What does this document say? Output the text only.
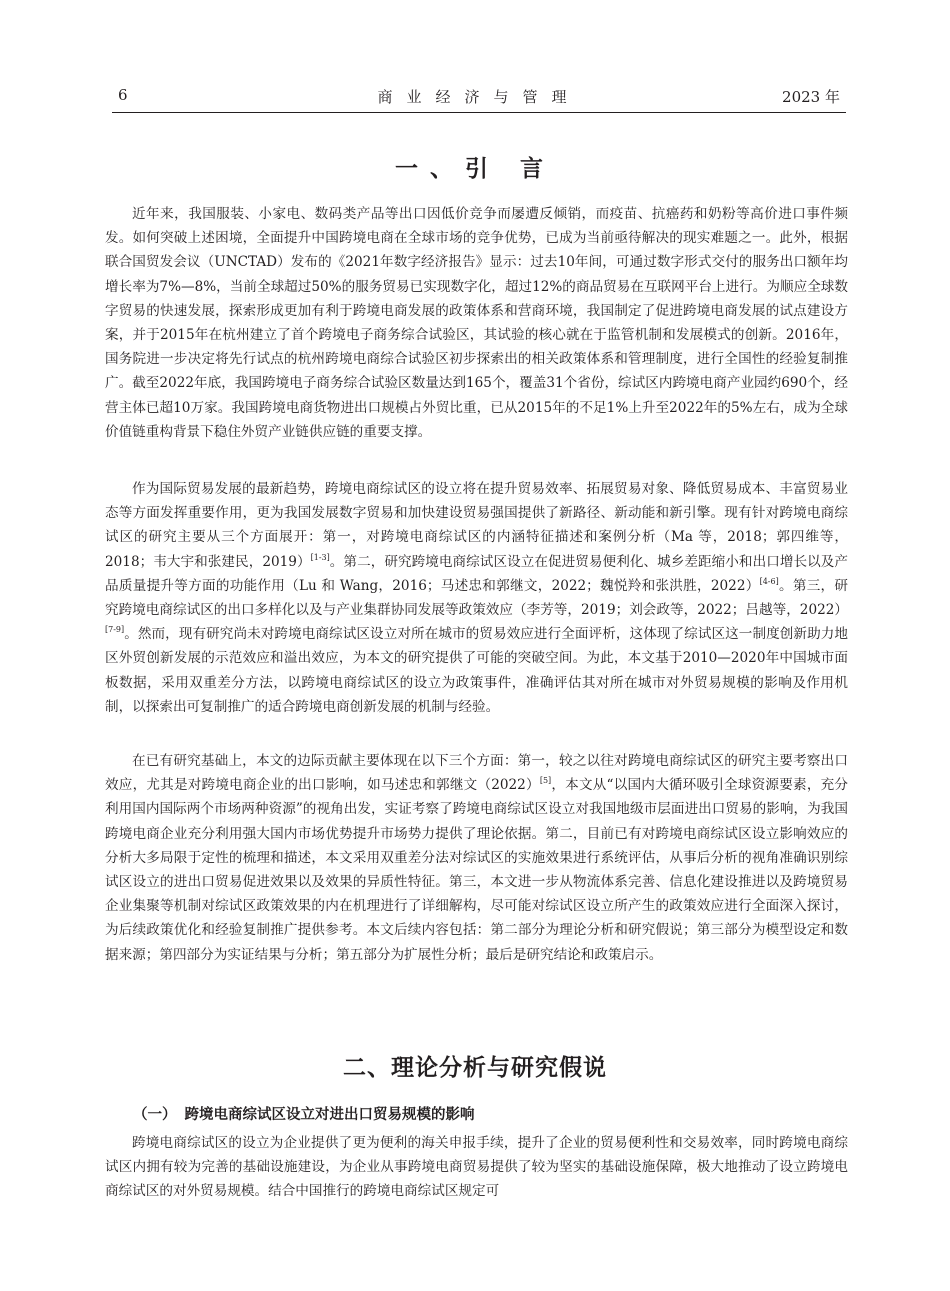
6	商业经济与管理	2023 年
一、引 言

近年来，我国服装、小家电、数码类产品等出口因低价竞争而屡遭反倾销，而疫苗、抗癌药和奶粉等高价进口事件频发。如何突破上述困境，全面提升中国跨境电商在全球市场的竞争优势，已成为当前亟待解决的现实难题之一。此外，根据联合国贸发会议（UNCTAD）发布的《2021年数字经济报告》显示：过去10年间，可通过数字形式交付的服务出口额年均增长率为7%—8%，当前全球超过50%的服务贸易已实现数字化，超过12%的商品贸易在互联网平台上进行。为顺应全球数字贸易的快速发展，探索形成更加有利于跨境电商发展的政策体系和营商环境，我国制定了促进跨境电商发展的试点建设方案，并于2015年在杭州建立了首个跨境电子商务综合试验区，其试验的核心就在于监管机制和发展模式的创新。2016年，国务院进一步决定将先行试点的杭州跨境电商综合试验区初步探索出的相关政策体系和管理制度，进行全国性的经验复制推广。截至2022年底，我国跨境电子商务综合试验区数量达到165个，覆盖31个省份，综试区内跨境电商产业园约690个，经营主体已超10万家。我国跨境电商货物进出口规模占外贸比重，已从2015年的不足1%上升至2022年的5%左右，成为全球价值链重构背景下稳住外贸产业链供应链的重要支撑。

作为国际贸易发展的最新趋势，跨境电商综试区的设立将在提升贸易效率、拓展贸易对象、降低贸易成本、丰富贸易业态等方面发挥重要作用，更为我国发展数字贸易和加快建设贸易强国提供了新路径、新动能和新引擎。现有针对跨境电商综试区的研究主要从三个方面展开：第一，对跨境电商综试区的内涵特征描述和案例分析（Ma 等，2018；郭四维等，2018；韦大宇和张建民，2019）[1-3]。第二，研究跨境电商综试区设立在促进贸易便利化、城乡差距缩小和出口增长以及产品质量提升等方面的功能作用（Lu 和 Wang，2016；马述忠和郭继文，2022；魏悦羚和张洪胜，2022）[4-6]。第三，研究跨境电商综试区的出口多样化以及与产业集群协同发展等政策效应（李芳等，2019；刘会政等，2022；吕越等，2022）[7-9]。然而，现有研究尚未对跨境电商综试区设立对所在城市的贸易效应进行全面评析，这体现了综试区这一制度创新助力地区外贸创新发展的示范效应和溢出效应，为本文的研究提供了可能的突破空间。为此，本文基于2010—2020年中国城市面板数据，采用双重差分方法，以跨境电商综试区的设立为政策事件，准确评估其对所在城市对外贸易规模的影响及作用机制，以探索出可复制推广的适合跨境电商创新发展的机制与经验。

在已有研究基础上，本文的边际贡献主要体现在以下三个方面：第一，较之以往对跨境电商综试区的研究主要考察出口效应，尤其是对跨境电商企业的出口影响，如马述忠和郭继文（2022）[5]，本文从“以国内大循环吸引全球资源要素，充分利用国内国际两个市场两种资源”的视角出发，实证考察了跨境电商综试区设立对我国地级市层面进出口贸易的影响，为我国跨境电商企业充分利用强大国内市场优势提升市场势力提供了理论依据。第二，目前已有对跨境电商综试区设立影响效应的分析大多局限于定性的梳理和描述，本文采用双重差分法对综试区的实施效果进行系统评估，从事后分析的视角准确识别综试区设立的进出口贸易促进效果以及效果的异质性特征。第三，本文进一步从物流体系完善、信息化建设推进以及跨境贸易企业集聚等机制对综试区政策效果的内在机理进行了详细解构，尽可能对综试区设立所产生的政策效应进行全面深入探讨，为后续政策优化和经验复制推广提供参考。本文后续内容包括：第二部分为理论分析和研究假说；第三部分为模型设定和数据来源；第四部分为实证结果与分析；第五部分为扩展性分析；最后是研究结论和政策启示。

二、理论分析与研究假说
（一） 跨境电商综试区设立对进出口贸易规模的影响

跨境电商综试区的设立为企业提供了更为便利的海关申报手续，提升了企业的贸易便利性和交易效率，同时跨境电商综试区内拥有较为完善的基础设施建设，为企业从事跨境电商贸易提供了较为坚实的基础设施保障，极大地推动了设立跨境电商综试区的对外贸易规模。结合中国推行的跨境电商综试区规定可
